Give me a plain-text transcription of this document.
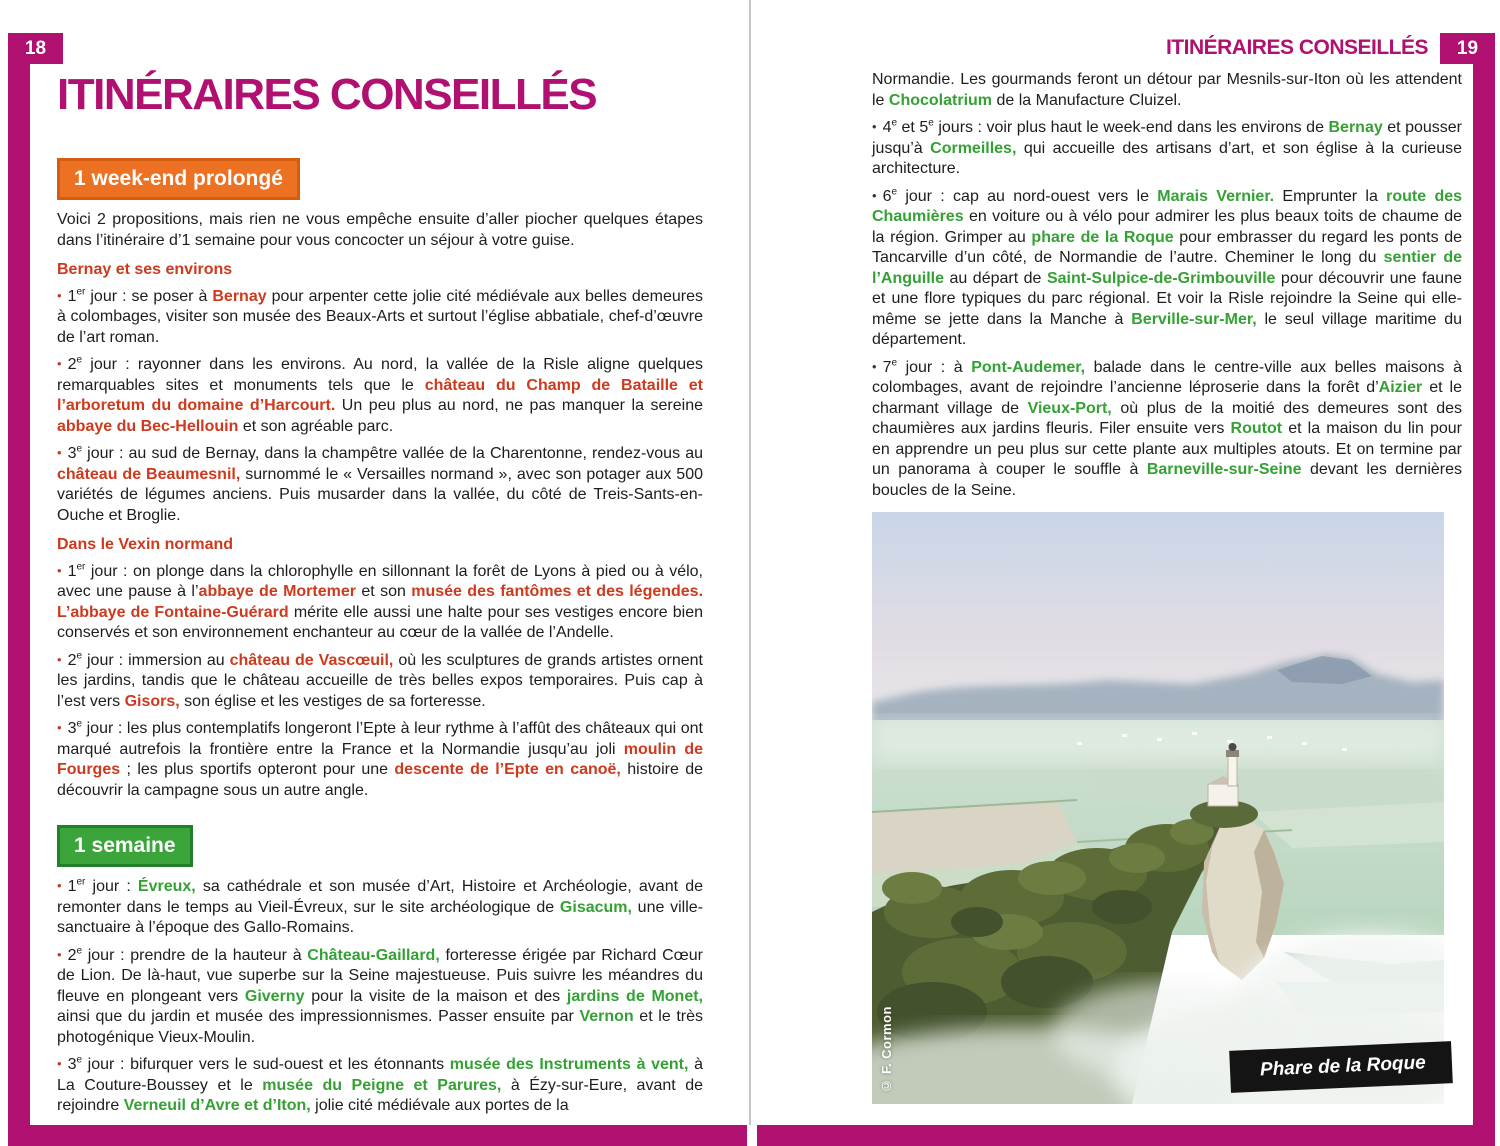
18	19
ITINÉRAIRES CONSEILLÉS
1 week-end prolongé

Voici 2 propositions, mais rien ne vous empêche ensuite d’aller piocher quelques étapes dans l’itinéraire d’1 semaine pour vous concocter un séjour à votre guise.

Bernay et ses environs

• 1er jour : se poser à Bernay pour arpenter cette jolie cité médiévale aux belles demeures à colombages, visiter son musée des Beaux-Arts et surtout l’église abbatiale, chef-d’œuvre de l’art roman.

• 2e jour : rayonner dans les environs. Au nord, la vallée de la Risle aligne quelques remarquables sites et monuments tels que le château du Champ de Bataille et l’arboretum du domaine d’Harcourt. Un peu plus au nord, ne pas manquer la sereine abbaye du Bec-Hellouin et son agréable parc.

• 3e jour : au sud de Bernay, dans la champêtre vallée de la Charentonne, rendez-vous au château de Beaumesnil, surnommé le « Versailles normand », avec son potager aux 500 variétés de légumes anciens. Puis musarder dans la vallée, du côté de Treis-Sants-en-Ouche et Broglie.

Dans le Vexin normand

• 1er jour : on plonge dans la chlorophylle en sillonnant la forêt de Lyons à pied ou à vélo, avec une pause à l’abbaye de Mortemer et son musée des fantômes et des légendes. L’abbaye de Fontaine-Guérard mérite elle aussi une halte pour ses vestiges encore bien conservés et son environnement enchanteur au cœur de la vallée de l’Andelle.

• 2e jour : immersion au château de Vascœuil, où les sculptures de grands artistes ornent les jardins, tandis que le château accueille de très belles expos temporaires. Puis cap à l’est vers Gisors, son église et les vestiges de sa forteresse.

• 3e jour : les plus contemplatifs longeront l’Epte à leur rythme à l’affût des châteaux qui ont marqué autrefois la frontière entre la France et la Normandie jusqu’au joli moulin de Fourges ; les plus sportifs opteront pour une descente de l’Epte en canoë, histoire de découvrir la campagne sous un autre angle.

1 semaine

• 1er jour : Évreux, sa cathédrale et son musée d’Art, Histoire et Archéologie, avant de remonter dans le temps au Vieil-Évreux, sur le site archéologique de Gisacum, une ville-sanctuaire à l’époque des Gallo-Romains.

• 2e jour : prendre de la hauteur à Château-Gaillard, forteresse érigée par Richard Cœur de Lion. De là-haut, vue superbe sur la Seine majestueuse. Puis suivre les méandres du fleuve en plongeant vers Giverny pour la visite de la maison et des jardins de Monet, ainsi que du jardin et musée des impressionnismes. Passer ensuite par Vernon et le très photogénique Vieux-Moulin.

• 3e jour : bifurquer vers le sud-ouest et les étonnants musée des Instruments à vent, à La Couture-Boussey et le musée du Peigne et Parures, à Ézy-sur-Eure, avant de rejoindre Verneuil d’Avre et d’Iton, jolie cité médiévale aux portes de la

ITINÉRAIRES CONSEILLÉS

Normandie. Les gourmands feront un détour par Mesnils-sur-Iton où les attendent le Chocolatrium de la Manufacture Cluizel.

• 4e et 5e jours : voir plus haut le week-end dans les environs de Bernay et pousser jusqu’à Cormeilles, qui accueille des artisans d’art, et son église à la curieuse architecture.

• 6e jour : cap au nord-ouest vers le Marais Vernier. Emprunter la route des Chaumières en voiture ou à vélo pour admirer les plus beaux toits de chaume de la région. Grimper au phare de la Roque pour embrasser du regard les ponts de Tancarville d’un côté, de Normandie de l’autre. Cheminer le long du sentier de l’Anguille au départ de Saint-Sulpice-de-Grimbouville pour découvrir une faune et une flore typiques du parc régional. Et voir la Risle rejoindre la Seine qui elle-même se jette dans la Manche à Berville-sur-Mer, le seul village maritime du département.

• 7e jour : à Pont-Audemer, balade dans le centre-ville aux belles maisons à colombages, avant de rejoindre l’ancienne léproserie dans la forêt d’Aizier et le charmant village de Vieux-Port, où plus de la moitié des demeures sont des chaumières aux jardins fleuris. Filer ensuite vers Routot et la maison du lin pour en apprendre un peu plus sur cette plante aux multiples atouts. Et on termine par un panorama à couper le souffle à Barneville-sur-Seine devant les dernières boucles de la Seine.

© F. Cormon	Phare de la Roque
